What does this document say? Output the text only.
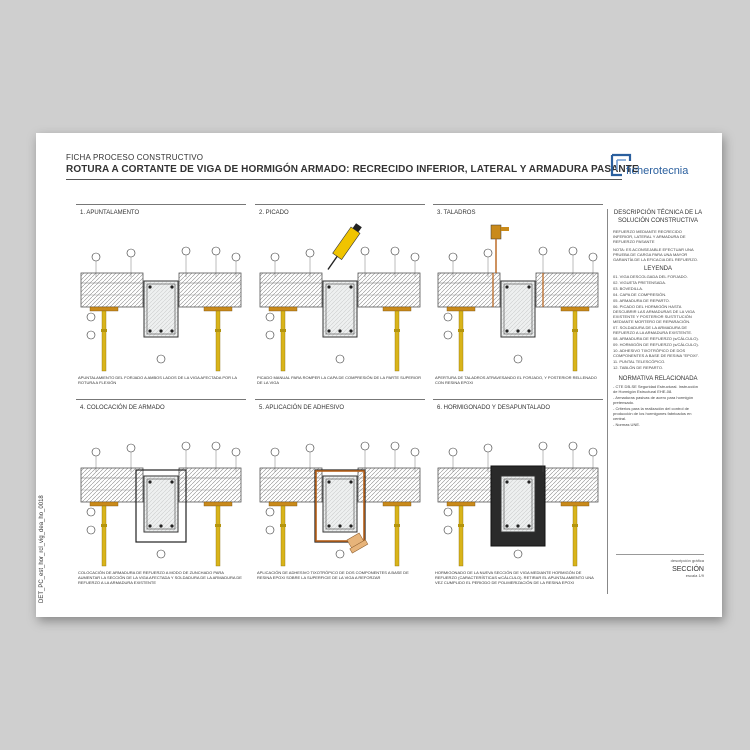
FICHA PROCESO CONSTRUCTIVO
ROTURA A CORTANTE DE VIGA DE HORMIGÓN ARMADO: RECRECIDO INFERIOR, LATERAL Y ARMADURA PASANTE
ficherotecnia
DET_PC_est_hor_rcl_vig_dea_ho_0018
1. APUNTALAMENTO
APUNTALAMIENTO DEL FORJADO A AMBOS LADOS DE LA VIGA AFECTADA POR LA ROTURA A FLEXIÓN
2. PICADO
PICADO MANUAL PARA ROMPER LA CAPA DE COMPRESIÓN DE LA PARTE SUPERIOR DE LA VIGA
3. TALADROS
APERTURA DE TALADROS ATRAVESANDO EL FORJADO, Y POSTERIOR RELLENADO CON RESINA EPOXI
4. COLOCACIÓN DE ARMADO
COLOCACIÓN DE ARMADURA DE REFUERZO A MODO DE ZUNCHADO PARA AUMENTAR LA SECCIÓN DE LA VIGA AFECTADA Y SOLDADURA DE LA ARMADURA DE REFUERZO A LA ARMADURA EXISTENTE
5. APLICACIÓN DE ADHESIVO
APLICACIÓN DE ADHESIVO TIXOTRÓPICO DE DOS COMPONENTES A BASE DE RESINA EPOXI SOBRE LA SUPERFICIE DE LA VIGA A REFORZAR
6. HORMIGONADO Y DESAPUNTALADO
HORMIGONADO DE LA NUEVA SECCIÓN DE VIGA MEDIANTE HORMIGÓN DE REFUERZO (CARACTERÍSTICAS s/CÁLCULO). RETIRAR EL APUNTALAMIENTO UNA VEZ CUMPLIDO EL PERIODO DE POLIMERIZACIÓN DE LA RESINA EPOXI

DESCRIPCIÓN TÉCNICA DE LA SOLUCIÓN CONSTRUCTIVA

REFUERZO MEDIANTE RECRECIDO INFERIOR, LATERAL Y ARMADURA DE REFUERZO PASANTE

NOTA: ES ACONSEJABLE EFECTUAR UNA PRUEBA DE CARGA PARA UNA MAYOR GARANTÍA DE LA EFICACIA DEL REFUERZO.

LEYENDA

01. VIGA DESCOLGADA DEL FORJADO.

02. VIGUETA PRETENSADA.

03. BOVEDILLA.

04. CAPA DE COMPRESIÓN.

05. ARMADURA DE REPARTO.

06. PICADO DEL HORMIGÓN HASTA DESCUBRIR LAS ARMADURAS DE LA VIGA EXISTENTE Y POSTERIOR SUSTITUCIÓN MEDIANTE MORTERO DE REPARACIÓN.

07. SOLDADURA DE LA ARMADURA DE REFUERZO A LA ARMADURA EXISTENTE.

08. ARMADURA DE REFUERZO (s/CÁLCULO).

09. HORMIGÓN DE REFUERZO (s/CÁLCULO).

10. ADHESIVO TIXOTRÓPICO DE DOS COMPONENTES A BASE DE RESINA "EPOXI".

11. PUNTAL TELESCÓPICO.

12. TABLÓN DE REPARTO.

NORMATIVA RELACIONADA

- CTE DB-SE Seguridad Estructural. Instrucción de Hormigón Estructural EHE-08.

- Armaduras pasivas de acero para hormigón pretensado.

- Criterios para la realización del control de producción de los hormigones fabricados en central.

- Normas UNE.

descripción gráfica
SECCIÓN
escala 1/9
